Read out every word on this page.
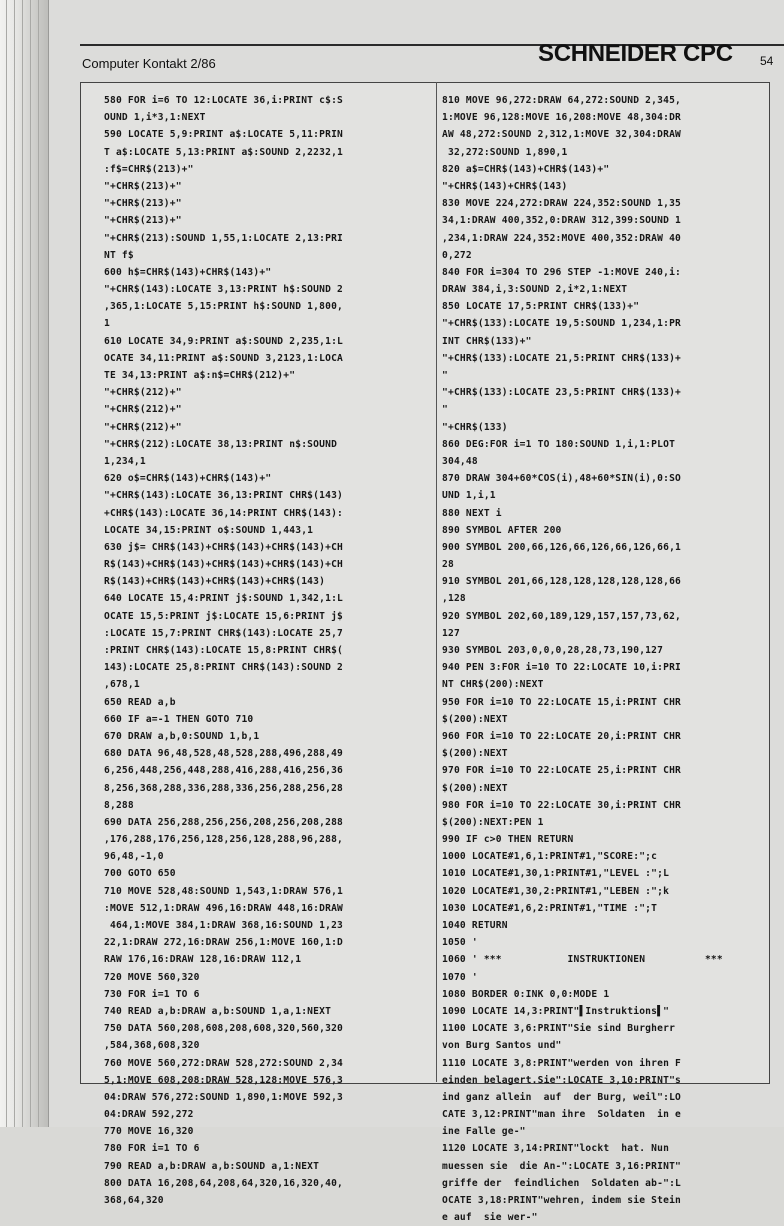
Computer Kontakt 2/86	SCHNEIDER CPC 54
580 FOR i=6 TO 12:LOCATE 36,i:PRINT c$:S
OUND 1,i*3,1:NEXT
590 LOCATE 5,9:PRINT a$:LOCATE 5,11:PRIN
T a$:LOCATE 5,13:PRINT a$:SOUND 2,2232,1
:f$=CHR$(213)+"
"+CHR$(213)+"
"+CHR$(213)+"
"+CHR$(213)+"
"+CHR$(213):SOUND 1,55,1:LOCATE 2,13:PRI
NT f$
600 h$=CHR$(143)+CHR$(143)+"
"+CHR$(143):LOCATE 3,13:PRINT h$:SOUND 2
,365,1:LOCATE 5,15:PRINT h$:SOUND 1,800,
1
610 LOCATE 34,9:PRINT a$:SOUND 2,235,1:L
OCATE 34,11:PRINT a$:SOUND 3,2123,1:LOCA
TE 34,13:PRINT a$:n$=CHR$(212)+"
"+CHR$(212)+"
"+CHR$(212)+"
"+CHR$(212)+"
"+CHR$(212):LOCATE 38,13:PRINT n$:SOUND
1,234,1
620 o$=CHR$(143)+CHR$(143)+"
"+CHR$(143):LOCATE 36,13:PRINT CHR$(143)
+CHR$(143):LOCATE 36,14:PRINT CHR$(143):
LOCATE 34,15:PRINT o$:SOUND 1,443,1
630 j$= CHR$(143)+CHR$(143)+CHR$(143)+CH
R$(143)+CHR$(143)+CHR$(143)+CHR$(143)+CH
R$(143)+CHR$(143)+CHR$(143)+CHR$(143)
640 LOCATE 15,4:PRINT j$:SOUND 1,342,1:L
OCATE 15,5:PRINT j$:LOCATE 15,6:PRINT j$
:LOCATE 15,7:PRINT CHR$(143):LOCATE 25,7
:PRINT CHR$(143):LOCATE 15,8:PRINT CHR$(
143):LOCATE 25,8:PRINT CHR$(143):SOUND 2
,678,1
650 READ a,b
660 IF a=-1 THEN GOTO 710
670 DRAW a,b,0:SOUND 1,b,1
680 DATA 96,48,528,48,528,288,496,288,49
6,256,448,256,448,288,416,288,416,256,36
8,256,368,288,336,288,336,256,288,256,28
8,288
690 DATA 256,288,256,256,208,256,208,288
,176,288,176,256,128,256,128,288,96,288,
96,48,-1,0
700 GOTO 650
710 MOVE 528,48:SOUND 1,543,1:DRAW 576,1
:MOVE 512,1:DRAW 496,16:DRAW 448,16:DRAW
464,1:MOVE 384,1:DRAW 368,16:SOUND 1,23
22,1:DRAW 272,16:DRAW 256,1:MOVE 160,1:D
RAW 176,16:DRAW 128,16:DRAW 112,1
720 MOVE 560,320
730 FOR i=1 TO 6
740 READ a,b:DRAW a,b:SOUND 1,a,1:NEXT
750 DATA 560,208,608,208,608,320,560,320
,584,368,608,320
760 MOVE 560,272:DRAW 528,272:SOUND 2,34
5,1:MOVE 608,208:DRAW 528,128:MOVE 576,3
04:DRAW 576,272:SOUND 1,890,1:MOVE 592,3
04:DRAW 592,272
770 MOVE 16,320
780 FOR i=1 TO 6
790 READ a,b:DRAW a,b:SOUND a,1:NEXT
800 DATA 16,208,64,208,64,320,16,320,40,
368,64,320
810 MOVE 96,272:DRAW 64,272:SOUND 2,345,
1:MOVE 96,128:MOVE 16,208:MOVE 48,304:DR
AW 48,272:SOUND 2,312,1:MOVE 32,304:DRAW
32,272:SOUND 1,890,1
820 a$=CHR$(143)+CHR$(143)+"
"+CHR$(143)+CHR$(143)
830 MOVE 224,272:DRAW 224,352:SOUND 1,35
34,1:DRAW 400,352,0:DRAW 312,399:SOUND 1
,234,1:DRAW 224,352:MOVE 400,352:DRAW 40
0,272
840 FOR i=304 TO 296 STEP -1:MOVE 240,i:
DRAW 384,i,3:SOUND 2,i*2,1:NEXT
850 LOCATE 17,5:PRINT CHR$(133)+"
"+CHR$(133):LOCATE 19,5:SOUND 1,234,1:PR
INT CHR$(133)+"
"+CHR$(133):LOCATE 21,5:PRINT CHR$(133)+
"
"+CHR$(133):LOCATE 23,5:PRINT CHR$(133)+
"
"+CHR$(133)
860 DEG:FOR i=1 TO 180:SOUND 1,i,1:PLOT
304,48
870 DRAW 304+60*COS(i),48+60*SIN(i),0:SO
UND 1,i,1
880 NEXT i
890 SYMBOL AFTER 200
900 SYMBOL 200,66,126,66,126,66,126,66,1
28
910 SYMBOL 201,66,128,128,128,128,128,66
,128
920 SYMBOL 202,60,189,129,157,157,73,62,
127
930 SYMBOL 203,0,0,0,28,28,73,190,127
940 PEN 3:FOR i=10 TO 22:LOCATE 10,i:PRI
NT CHR$(200):NEXT
950 FOR i=10 TO 22:LOCATE 15,i:PRINT CHR
$(200):NEXT
960 FOR i=10 TO 22:LOCATE 20,i:PRINT CHR
$(200):NEXT
970 FOR i=10 TO 22:LOCATE 25,i:PRINT CHR
$(200):NEXT
980 FOR i=10 TO 22:LOCATE 30,i:PRINT CHR
$(200):NEXT:PEN 1
990 IF c>0 THEN RETURN
1000 LOCATE#1,6,1:PRINT#1,"SCORE:";c
1010 LOCATE#1,30,1:PRINT#1,"LEVEL :";L
1020 LOCATE#1,30,2:PRINT#1,"LEBEN :";k
1030 LOCATE#1,6,2:PRINT#1,"TIME :";T
1040 RETURN
1050 '
1060 ' ***           INSTRUKTIONEN          ***
1070 '
1080 BORDER 0:INK 0,0:MODE 1
1090 LOCATE 14,3:PRINT"▌Instruktions▌"
1100 LOCATE 3,6:PRINT"Sie sind Burgherr
von Burg Santos und"
1110 LOCATE 3,8:PRINT"werden von ihren F
einden belagert.Sie":LOCATE 3,10:PRINT"s
ind ganz allein  auf  der Burg, weil":LO
CATE 3,12:PRINT"man ihre  Soldaten  in e
ine Falle ge-"
1120 LOCATE 3,14:PRINT"lockt  hat. Nun
muessen sie  die An-":LOCATE 3,16:PRINT"
griffe der  feindlichen  Soldaten ab-":L
OCATE 3,18:PRINT"wehren, indem sie Stein
e auf  sie wer-"
